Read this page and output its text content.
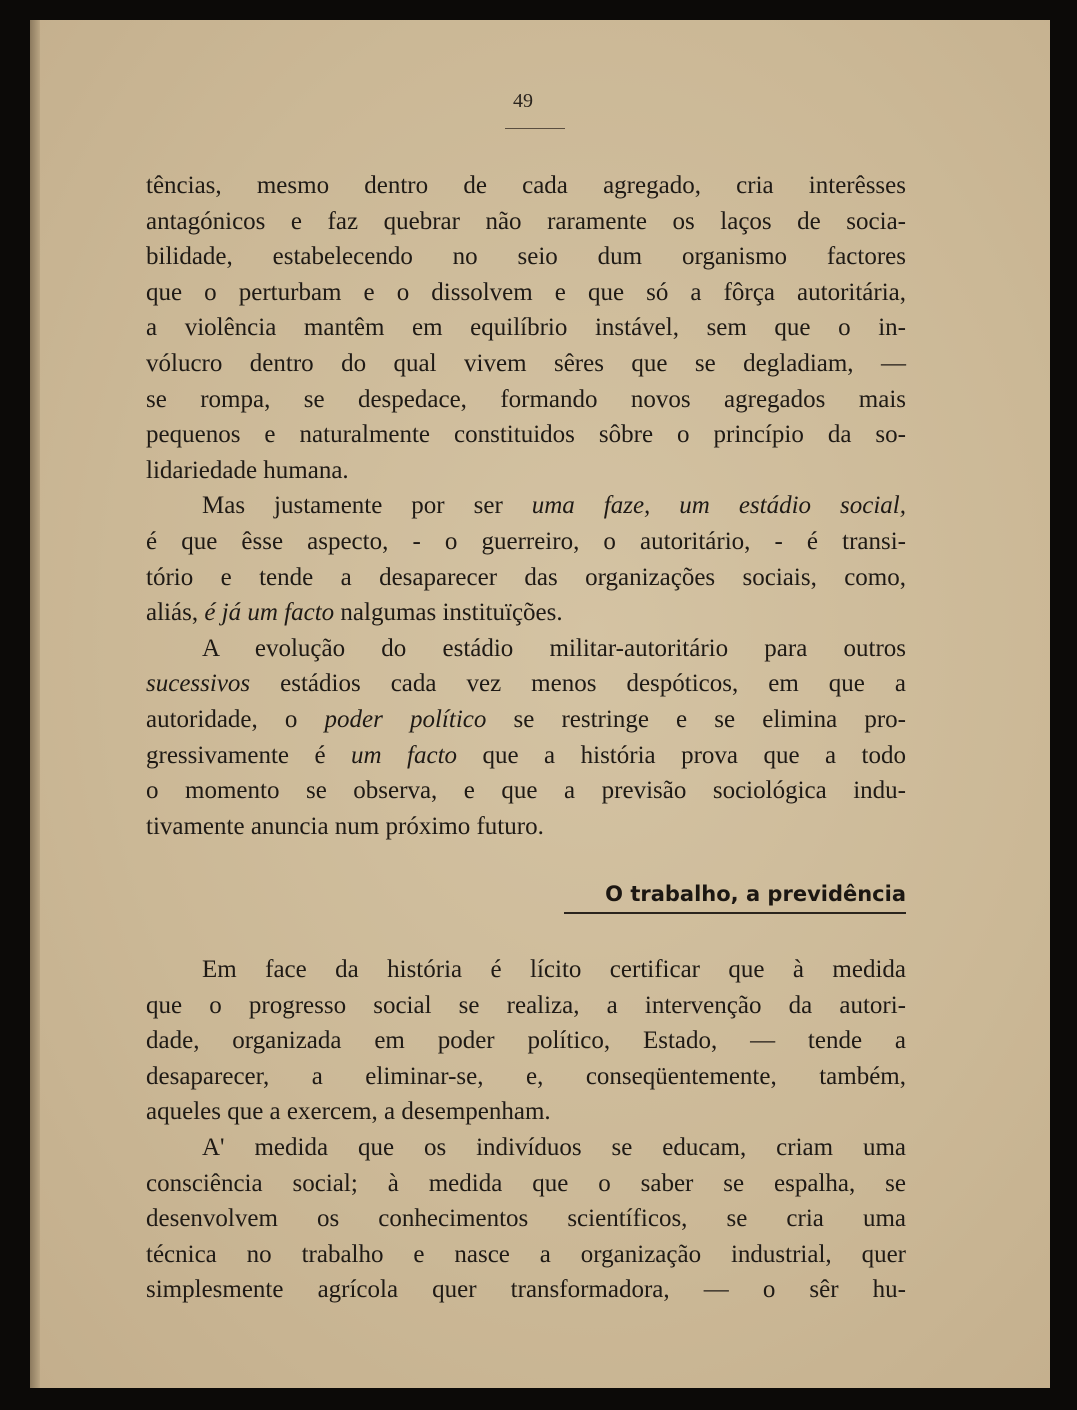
49
tências, mesmo dentro de cada agregado, cria interêsses
antagónicos e faz quebrar não raramente os laços de socia-
bilidade, estabelecendo no seio dum organismo factores
que o perturbam e o dissolvem e que só a fôrça autoritária,
a violência mantêm em equilíbrio instável, sem que o in-
vólucro dentro do qual vivem sêres que se degladiam, —
se rompa, se despedace, formando novos agregados mais
pequenos e naturalmente constituidos sôbre o princípio da so-
lidariedade humana.
Mas justamente por ser uma faze, um estádio social,
é que êsse aspecto, - o guerreiro, o autoritário, - é transi-
tório e tende a desaparecer das organizações sociais, como,
aliás, é já um facto nalgumas instituïções.
A evolução do estádio militar-autoritário para outros
sucessivos estádios cada vez menos despóticos, em que a
autoridade, o poder político se restringe e se elimina pro-
gressivamente é um facto que a história prova que a todo
o momento se observa, e que a previsão sociológica indu-
tivamente anuncia num próximo futuro.
O trabalho, a previdência
Em face da história é lícito certificar que à medida
que o progresso social se realiza, a intervenção da autori-
dade, organizada em poder político, Estado, — tende a
desaparecer, a eliminar-se, e, conseqüentemente, também,
aqueles que a exercem, a desempenham.
A' medida que os indivíduos se educam, criam uma
consciência social; à medida que o saber se espalha, se
desenvolvem os conhecimentos scientíficos, se cria uma
técnica no trabalho e nasce a organização industrial, quer
simplesmente agrícola quer transformadora, — o sêr hu-
